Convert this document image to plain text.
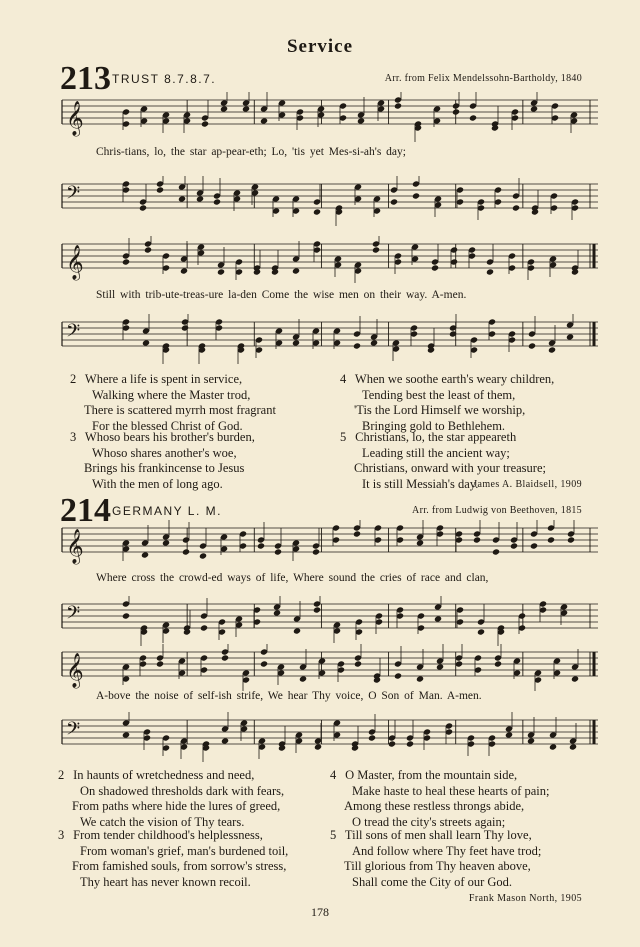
Service
213 TRUST 8.7.8.7.	Arr. from Felix Mendelssohn-Bartholdy, 1840
𝄞
Chris-tians, lo, the star ap-pear-eth; Lo, 'tis yet Mes-si-ah's day;
𝄢
𝄞
Still with trib-ute-treas-ure la-den Come the wise men on their way. A-men.
𝄢
2 Where a life is spent in service,
Walking where the Master trod,
There is scattered myrrh most fragrant
For the blessed Christ of God.
3 Whoso bears his brother's burden,
Whoso shares another's woe,
Brings his frankincense to Jesus
With the men of long ago.
4 When we soothe earth's weary children,
Tending best the least of them,
'Tis the Lord Himself we worship,
Bringing gold to Bethlehem.
5 Christians, lo, the star appeareth
Leading still the ancient way;
Christians, onward with your treasure;
It is still Messiah's day.
James A. Blaidsell, 1909
214 GERMANY L. M.	Arr. from Ludwig von Beethoven, 1815
𝄞
Where cross the crowd-ed ways of life, Where sound the cries of race and clan,
𝄢
𝄞
A-bove the noise of self-ish strife, We hear Thy voice, O Son of Man. A-men.
𝄢
2 In haunts of wretchedness and need,
On shadowed thresholds dark with fears,
From paths where hide the lures of greed,
We catch the vision of Thy tears.
3 From tender childhood's helplessness,
From woman's grief, man's burdened toil,
From famished souls, from sorrow's stress,
Thy heart has never known recoil.
4 O Master, from the mountain side,
Make haste to heal these hearts of pain;
Among these restless throngs abide,
O tread the city's streets again;
5 Till sons of men shall learn Thy love,
And follow where Thy feet have trod;
Till glorious from Thy heaven above,
Shall come the City of our God.
Frank Mason North, 1905
178
